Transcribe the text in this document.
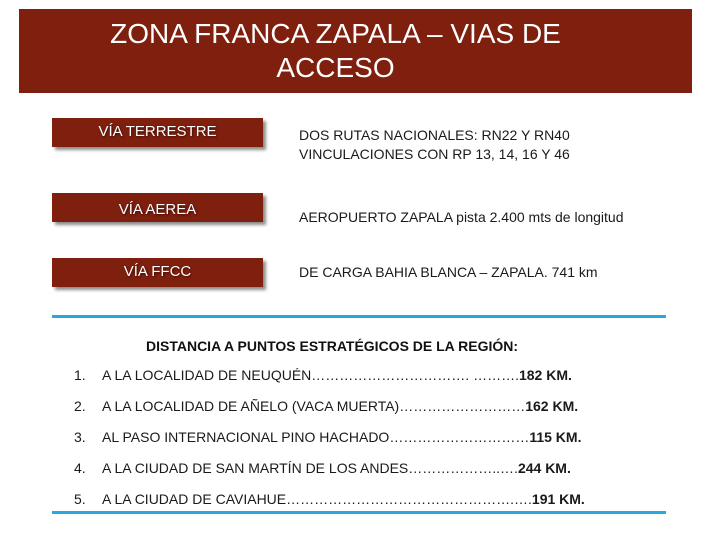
ZONA FRANCA ZAPALA – VIAS DE ACCESO
VÍA TERRESTRE	DOS RUTAS NACIONALES: RN22 Y RN40
VINCULACIONES CON RP 13, 14, 16 Y 46
VÍA AEREA	AEROPUERTO ZAPALA pista 2.400 mts de longitud
VÍA FFCC	DE CARGA BAHIA BLANCA – ZAPALA. 741 km
DISTANCIA A PUNTOS ESTRATÉGICOS DE LA REGIÓN:
1.	A LA LOCALIDAD DE NEUQUÉN……………………………. ………. 182 KM.
2.	A LA LOCALIDAD DE AÑELO (VACA MUERTA)……………………… 162 KM.
3.	AL PASO INTERNACIONAL PINO HACHADO………………………… 115 KM.
4.	A LA CIUDAD DE SAN MARTÍN DE LOS ANDES………………..…. 244 KM.
5.	A LA CIUDAD DE CAVIAHUE………………………………………….…. 191 KM.
